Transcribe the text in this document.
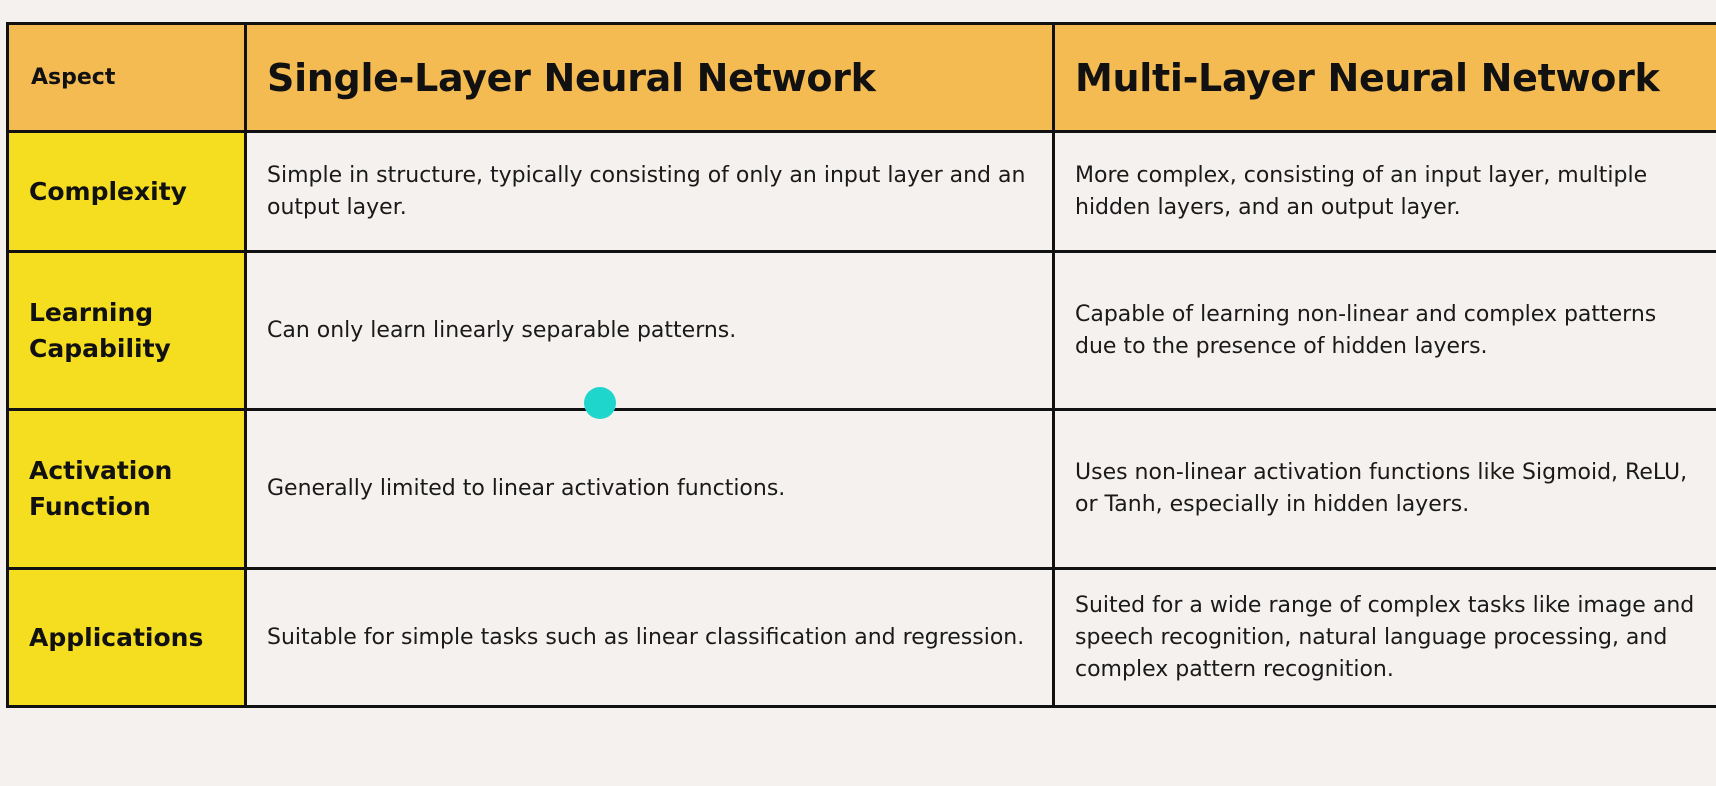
Aspect	Single-Layer Neural Network	Multi-Layer Neural Network
Complexity	Simple in structure, typically consisting of only an input layer and an output layer.	More complex, consisting of an input layer, multiple hidden layers, and an output layer.
Learning Capability	Can only learn linearly separable patterns.	Capable of learning non-linear and complex patterns due to the presence of hidden layers.
Activation Function	Generally limited to linear activation functions.	Uses non-linear activation functions like Sigmoid, ReLU, or Tanh, especially in hidden layers.
Applications	Suitable for simple tasks such as linear classification and regression.	Suited for a wide range of complex tasks like image and speech recognition, natural language processing, and complex pattern recognition.
